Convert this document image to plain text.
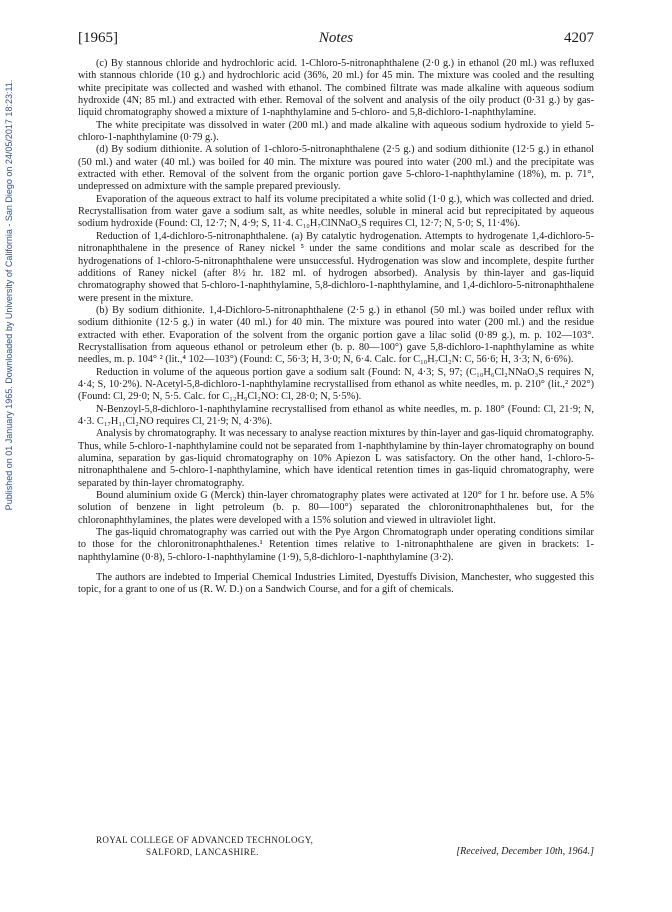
Published on 01 January 1965. Downloaded by University of California - San Diego on 24/05/2017 18:23:11.
[1965]	Notes	4207

(c) By stannous chloride and hydrochloric acid. 1-Chloro-5-nitronaphthalene (2·0 g.) in ethanol (20 ml.) was refluxed with stannous chloride (10 g.) and hydrochloric acid (36%, 20 ml.) for 45 min. The mixture was cooled and the resulting white precipitate was collected and washed with ethanol. The combined filtrate was made alkaline with aqueous sodium hydroxide (4N; 85 ml.) and extracted with ether. Removal of the solvent and analysis of the oily product (0·31 g.) by gas-liquid chromatography showed a mixture of 1-naphthylamine and 5-chloro- and 5,8-dichloro-1-naphthylamine.

The white precipitate was dissolved in water (200 ml.) and made alkaline with aqueous sodium hydroxide to yield 5-chloro-1-naphthylamine (0·79 g.).

(d) By sodium dithionite. A solution of 1-chloro-5-nitronaphthalene (2·5 g.) and sodium dithionite (12·5 g.) in ethanol (50 ml.) and water (40 ml.) was boiled for 40 min. The mixture was poured into water (200 ml.) and the precipitate was extracted with ether. Removal of the solvent from the organic portion gave 5-chloro-1-naphthylamine (18%), m. p. 71°, undepressed on admixture with the sample prepared previously.

Evaporation of the aqueous extract to half its volume precipitated a white solid (1·0 g.), which was collected and dried. Recrystallisation from water gave a sodium salt, as white needles, soluble in mineral acid but reprecipitated by aqueous sodium hydroxide (Found: Cl, 12·7; N, 4·9; S, 11·4. C₁₀H₇ClNNaO₃S requires Cl, 12·7; N, 5·0; S, 11·4%).

Reduction of 1,4-dichloro-5-nitronaphthalene. (a) By catalytic hydrogenation. Attempts to hydrogenate 1,4-dichloro-5-nitronaphthalene in the presence of Raney nickel ⁵ under the same conditions and molar scale as described for the hydrogenations of 1-chloro-5-nitronaphthalene were unsuccessful. Hydrogenation was slow and incomplete, despite further additions of Raney nickel (after 8½ hr. 182 ml. of hydrogen absorbed). Analysis by thin-layer and gas-liquid chromatography showed that 5-chloro-1-naphthylamine, 5,8-dichloro-1-naphthylamine, and 1,4-dichloro-5-nitronaphthalene were present in the mixture.

(b) By sodium dithionite. 1,4-Dichloro-5-nitronaphthalene (2·5 g.) in ethanol (50 ml.) was boiled under reflux with sodium dithionite (12·5 g.) in water (40 ml.) for 40 min. The mixture was poured into water (200 ml.) and the residue extracted with ether. Evaporation of the solvent from the organic portion gave a lilac solid (0·89 g.), m. p. 102—103°. Recrystallisation from aqueous ethanol or petroleum ether (b. p. 80—100°) gave 5,8-dichloro-1-naphthylamine as white needles, m. p. 104° ² (lit.,⁴ 102—103°) (Found: C, 56·3; H, 3·0; N, 6·4. Calc. for C₁₀H₇Cl₂N: C, 56·6; H, 3·3; N, 6·6%).

Reduction in volume of the aqueous portion gave a sodium salt (Found: N, 4·3; S, 97; (C₁₀H₆Cl₂NNaO₃S requires N, 4·4; S, 10·2%). N-Acetyl-5,8-dichloro-1-naphthylamine recrystallised from ethanol as white needles, m. p. 210° (lit.,² 202°) (Found: Cl, 29·0; N, 5·5. Calc. for C₁₂H₉Cl₂NO: Cl, 28·0; N, 5·5%).

N-Benzoyl-5,8-dichloro-1-naphthylamine recrystallised from ethanol as white needles, m. p. 180° (Found: Cl, 21·9; N, 4·3. C₁₇H₁₁Cl₂NO requires Cl, 21·9; N, 4·3%).

Analysis by chromatography. It was necessary to analyse reaction mixtures by thin-layer and gas-liquid chromatography. Thus, while 5-chloro-1-naphthylamine could not be separated from 1-naphthylamine by thin-layer chromatography on bound alumina, separation by gas-liquid chromatography on 10% Apiezon L was satisfactory. On the other hand, 1-chloro-5-nitronaphthalene and 5-chloro-1-naphthylamine, which have identical retention times in gas-liquid chromatography, were separated by thin-layer chromatography.

Bound aluminium oxide G (Merck) thin-layer chromatography plates were activated at 120° for 1 hr. before use. A 5% solution of benzene in light petroleum (b. p. 80—100°) separated the chloronitronaphthalenes but, for the chloronaphthylamines, the plates were developed with a 15% solution and viewed in ultraviolet light.

The gas-liquid chromatography was carried out with the Pye Argon Chromatograph under operating conditions similar to those for the chloronitronaphthalenes.¹ Retention times relative to 1-nitronaphthalene are given in brackets: 1-naphthylamine (0·8), 5-chloro-1-naphthylamine (1·9), 5,8-dichloro-1-naphthylamine (3·2).

The authors are indebted to Imperial Chemical Industries Limited, Dyestuffs Division, Manchester, who suggested this topic, for a grant to one of us (R. W. D.) on a Sandwich Course, and for a gift of chemicals.

ROYAL COLLEGE OF ADVANCED TECHNOLOGY,
SALFORD, LANCASHIRE.	[Received, December 10th, 1964.]
